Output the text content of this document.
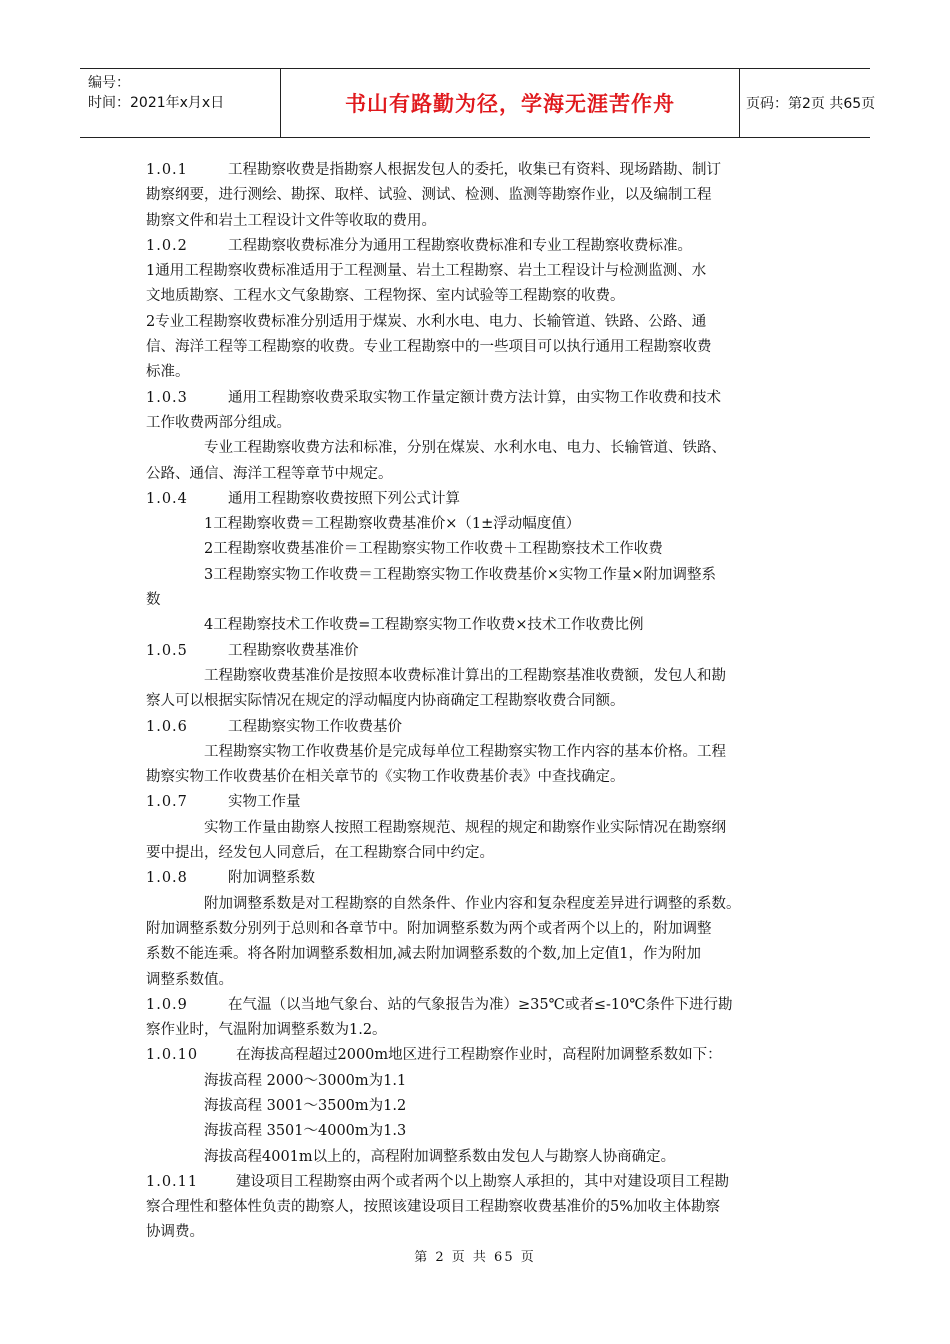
编号：
时间：2021年x月x日	书山有路勤为径，学海无涯苦作舟	页码：第2页 共65页
1.0.1	工程勘察收费是指勘察人根据发包人的委托，收集已有资料、现场踏勘、制订
勘察纲要，进行测绘、勘探、取样、试验、测试、检测、监测等勘察作业，以及编制工程
勘察文件和岩土工程设计文件等收取的费用。
1.0.2	工程勘察收费标准分为通用工程勘察收费标准和专业工程勘察收费标准。
1通用工程勘察收费标准适用于工程测量、岩土工程勘察、岩土工程设计与检测监测、水
文地质勘察、工程水文气象勘察、工程物探、室内试验等工程勘察的收费。
2专业工程勘察收费标准分别适用于煤炭、水利水电、电力、长输管道、铁路、公路、通
信、海洋工程等工程勘察的收费。专业工程勘察中的一些项目可以执行通用工程勘察收费
标准。
1.0.3	通用工程勘察收费采取实物工作量定额计费方法计算，由实物工作收费和技术
工作收费两部分组成。
专业工程勘察收费方法和标准，分别在煤炭、水利水电、电力、长输管道、铁路、
公路、通信、海洋工程等章节中规定。
1.0.4	通用工程勘察收费按照下列公式计算
1工程勘察收费＝工程勘察收费基准价×（1±浮动幅度值）
2工程勘察收费基准价＝工程勘察实物工作收费＋工程勘察技术工作收费
3工程勘察实物工作收费＝工程勘察实物工作收费基价×实物工作量×附加调整系
数
4工程勘察技术工作收费=工程勘察实物工作收费×技术工作收费比例
1.0.5	工程勘察收费基准价
工程勘察收费基准价是按照本收费标准计算出的工程勘察基准收费额，发包人和勘
察人可以根据实际情况在规定的浮动幅度内协商确定工程勘察收费合同额。
1.0.6	工程勘察实物工作收费基价
工程勘察实物工作收费基价是完成每单位工程勘察实物工作内容的基本价格。工程
勘察实物工作收费基价在相关章节的《实物工作收费基价表》中查找确定。
1.0.7	实物工作量
实物工作量由勘察人按照工程勘察规范、规程的规定和勘察作业实际情况在勘察纲
要中提出，经发包人同意后，在工程勘察合同中约定。
1.0.8	附加调整系数
附加调整系数是对工程勘察的自然条件、作业内容和复杂程度差异进行调整的系数。
附加调整系数分别列于总则和各章节中。附加调整系数为两个或者两个以上的，附加调整
系数不能连乘。将各附加调整系数相加,减去附加调整系数的个数,加上定值1，作为附加
调整系数值。
1.0.9	在气温（以当地气象台、站的气象报告为准）≥35℃或者≤-10℃条件下进行勘
察作业时，气温附加调整系数为1.2。
1.0.10	在海拔高程超过2000m地区进行工程勘察作业时，高程附加调整系数如下：
海拔高程 2000～3000m为1.1
海拔高程 3001～3500m为1.2
海拔高程 3501～4000m为1.3
海拔高程4001m以上的，高程附加调整系数由发包人与勘察人协商确定。
1.0.11	建设项目工程勘察由两个或者两个以上勘察人承担的，其中对建设项目工程勘
察合理性和整体性负责的勘察人，按照该建设项目工程勘察收费基准价的5%加收主体勘察
协调费。
第 2 页 共 65 页
